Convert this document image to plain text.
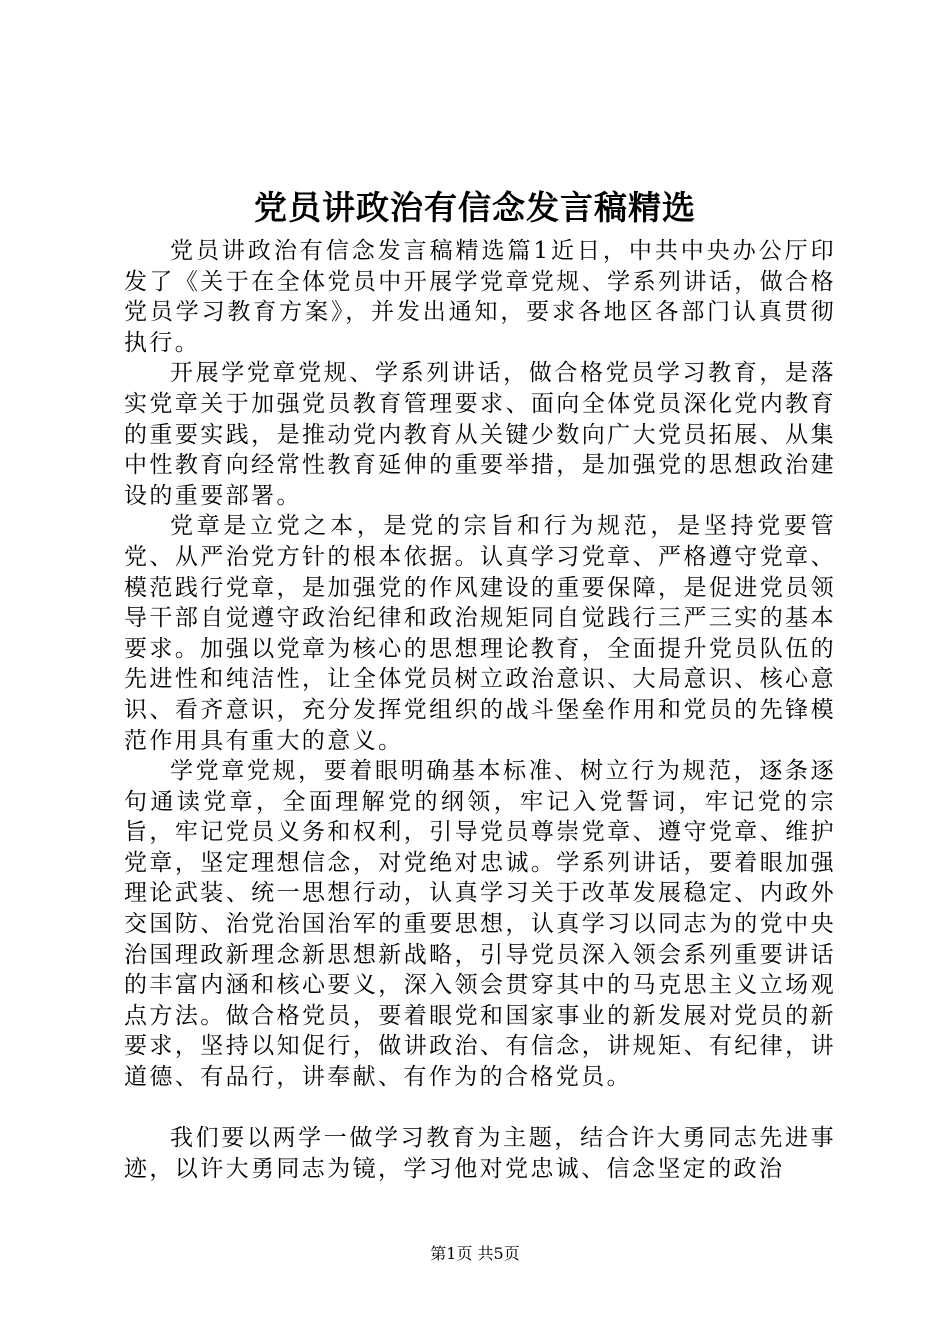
党员讲政治有信念发言稿精选

党员讲政治有信念发言稿精选篇1近日，中共中央办公厅印发了《关于在全体党员中开展学党章党规、学系列讲话，做合格党员学习教育方案》，并发出通知，要求各地区各部门认真贯彻执行。

开展学党章党规、学系列讲话，做合格党员学习教育，是落实党章关于加强党员教育管理要求、面向全体党员深化党内教育的重要实践，是推动党内教育从关键少数向广大党员拓展、从集中性教育向经常性教育延伸的重要举措，是加强党的思想政治建设的重要部署。

党章是立党之本，是党的宗旨和行为规范，是坚持党要管党、从严治党方针的根本依据。认真学习党章、严格遵守党章、模范践行党章，是加强党的作风建设的重要保障，是促进党员领导干部自觉遵守政治纪律和政治规矩同自觉践行三严三实的基本要求。加强以党章为核心的思想理论教育，全面提升党员队伍的先进性和纯洁性，让全体党员树立政治意识、大局意识、核心意识、看齐意识，充分发挥党组织的战斗堡垒作用和党员的先锋模范作用具有重大的意义。

学党章党规，要着眼明确基本标准、树立行为规范，逐条逐句通读党章，全面理解党的纲领，牢记入党誓词，牢记党的宗旨，牢记党员义务和权利，引导党员尊崇党章、遵守党章、维护党章，坚定理想信念，对党绝对忠诚。学系列讲话，要着眼加强理论武装、统一思想行动，认真学习关于改革发展稳定、内政外交国防、治党治国治军的重要思想，认真学习以同志为的党中央治国理政新理念新思想新战略，引导党员深入领会系列重要讲话的丰富内涵和核心要义，深入领会贯穿其中的马克思主义立场观点方法。做合格党员，要着眼党和国家事业的新发展对党员的新要求，坚持以知促行，做讲政治、有信念，讲规矩、有纪律，讲道德、有品行，讲奉献、有作为的合格党员。

我们要以两学一做学习教育为主题，结合许大勇同志先进事迹，以许大勇同志为镜，学习他对党忠诚、信念坚定的政治

第1页 共5页
